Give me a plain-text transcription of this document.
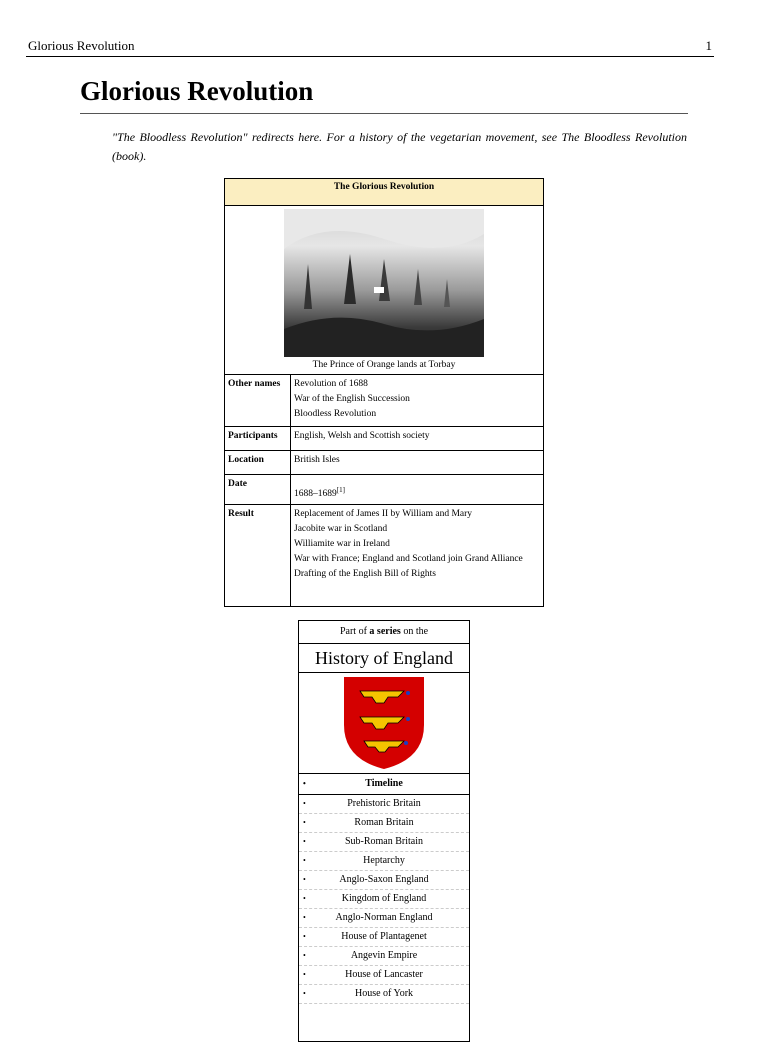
Glorious Revolution	1
Glorious Revolution
"The Bloodless Revolution" redirects here. For a history of the vegetarian movement, see The Bloodless Revolution (book).
The Glorious Revolution	

The Prince of Orange lands at Torbay	

Other names	Revolution of 1688
War of the English Succession
Bloodless Revolution

Participants	English, Welsh and Scottish society
Location	British Isles
Date	1688–1689[1]

Result	Replacement of James II by William and Mary
Jacobite war in Scotland
Williamite war in Ireland
War with France; England and Scotland join Grand Alliance
Drafting of the English Bill of Rights
Part of a series on the
History of England
•	Timeline
•	Prehistoric Britain
•	Roman Britain
•	Sub-Roman Britain
•	Heptarchy
•	Anglo-Saxon England
•	Kingdom of England
•	Anglo-Norman England
•	House of Plantagenet
•	Angevin Empire
•	House of Lancaster
•	House of York
